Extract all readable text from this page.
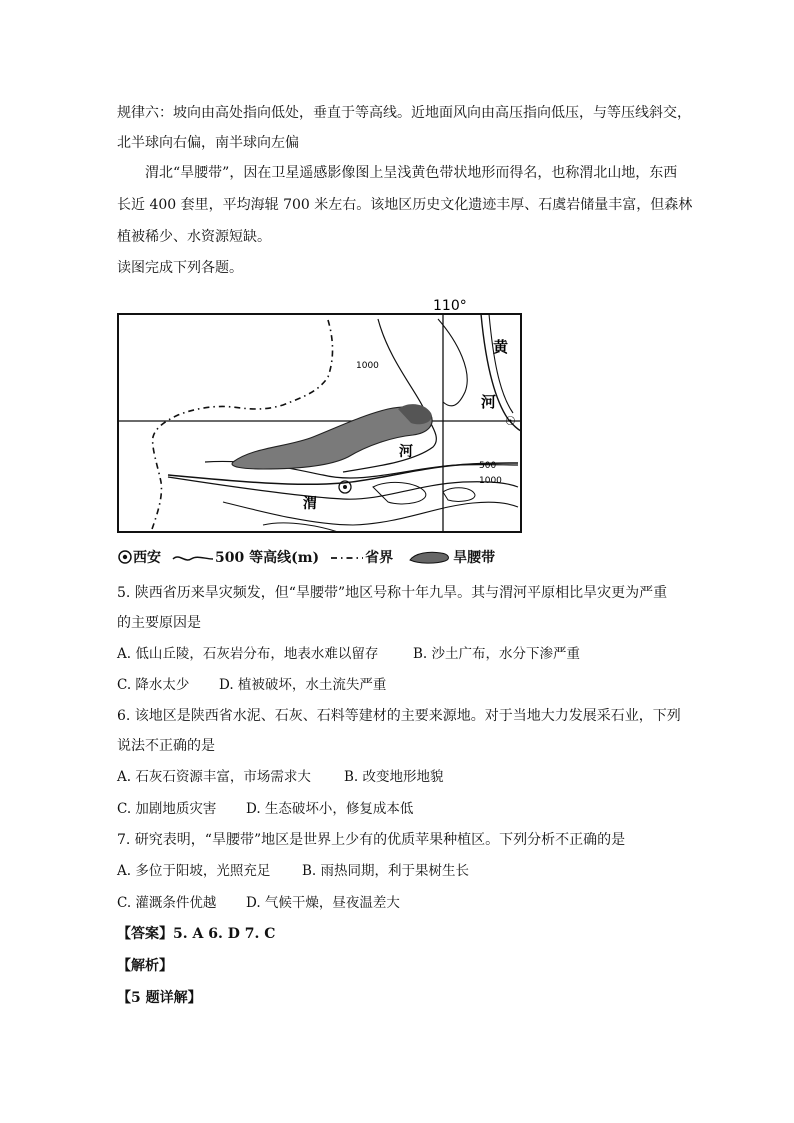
规律六：坡向由高处指向低处，垂直于等高线。近地面风向由高压指向低压，与等压线斜交，
北半球向右偏，南半球向左偏
渭北“旱腰带”，因在卫星遥感影像图上呈浅黄色带状地形而得名，也称渭北山地，东西
长近 400 套里，平均海辊 700 米左右。该地区历史文化遗迹丰厚、石虞岩储量丰富，但森林
植被稀少、水资源短缺。
读图完成下列各题。
110°
黄
河
☉
1000
500
1000
河
渭
西安	500 等高线(m)	省界	旱腰带
5. 陕西省历来旱灾频发，但“旱腰带”地区号称十年九旱。其与渭河平原相比旱灾更为严重
的主要原因是
A. 低山丘陵，石灰岩分布，地表水难以留存	B. 沙土广布，水分下渗严重
C. 降水太少 D. 植被破坏，水土流失严重
6. 该地区是陕西省水泥、石灰、石料等建材的主要来源地。对于当地大力发展采石业，下列
说法不正确的是
A. 石灰石资源丰富，市场需求大 B. 改变地形地貌
C. 加剧地质灾害 D. 生态破坏小，修复成本低
7. 研究表明，“旱腰带”地区是世界上少有的优质苹果种植区。下列分析不正确的是
A. 多位于阳坡，光照充足 B. 雨热同期，利于果树生长
C. 灌溉条件优越 D. 气候干燥，昼夜温差大
【答案】5. A 6. D 7. C
【解析】
【5 题详解】
